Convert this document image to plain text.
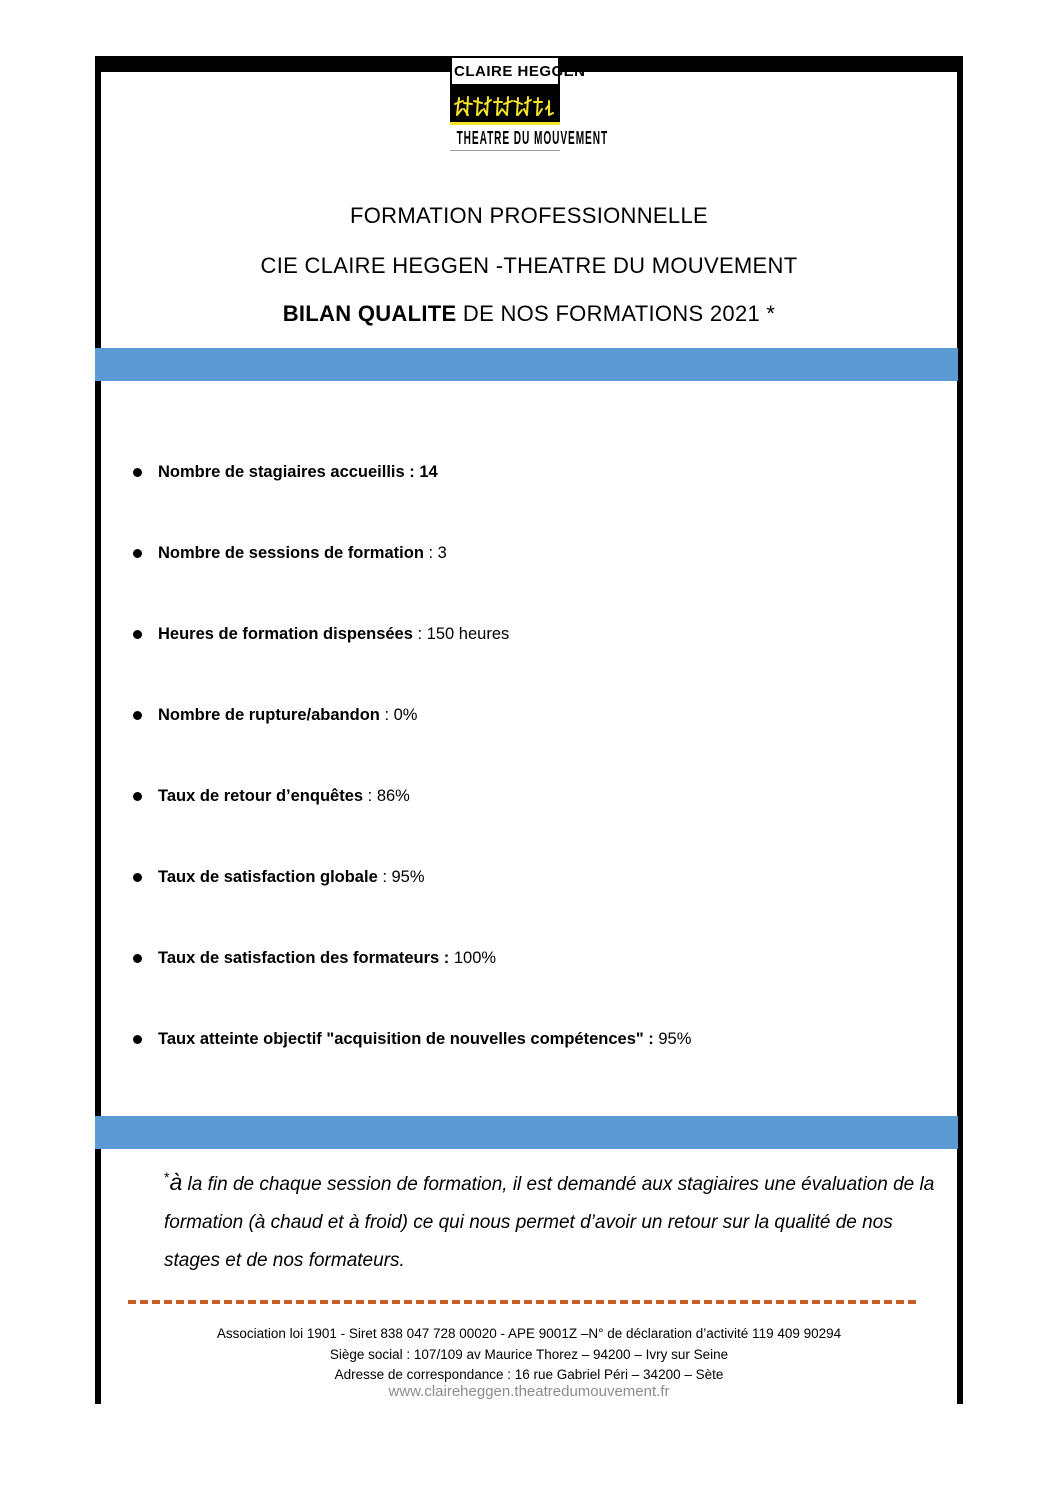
CLAIRE HEGGEN
THEATRE DU MOUVEMENT
FORMATION PROFESSIONNELLE
CIE CLAIRE HEGGEN -THEATRE DU MOUVEMENT
BILAN QUALITE DE NOS FORMATIONS 2021 *
Nombre de stagiaires accueillis : 14
Nombre de sessions de formation : 3
Heures de formation dispensées : 150 heures
Nombre de rupture/abandon : 0%
Taux de retour d’enquêtes : 86%
Taux de satisfaction globale : 95%
Taux de satisfaction des formateurs : 100%
Taux atteinte objectif "acquisition de nouvelles compétences" : 95%
*à la fin de chaque session de formation, il est demandé aux stagiaires une évaluation de la formation (à chaud et à froid) ce qui nous permet d’avoir un retour sur la qualité de nos stages et de nos formateurs.
Association loi 1901 - Siret 838 047 728 00020 - APE 9001Z –N° de déclaration d’activité 119 409 90294
Siège social : 107/109 av Maurice Thorez – 94200 – Ivry sur Seine
Adresse de correspondance : 16 rue Gabriel Péri – 34200 – Sète
www.claireheggen.theatredumouvement.fr
